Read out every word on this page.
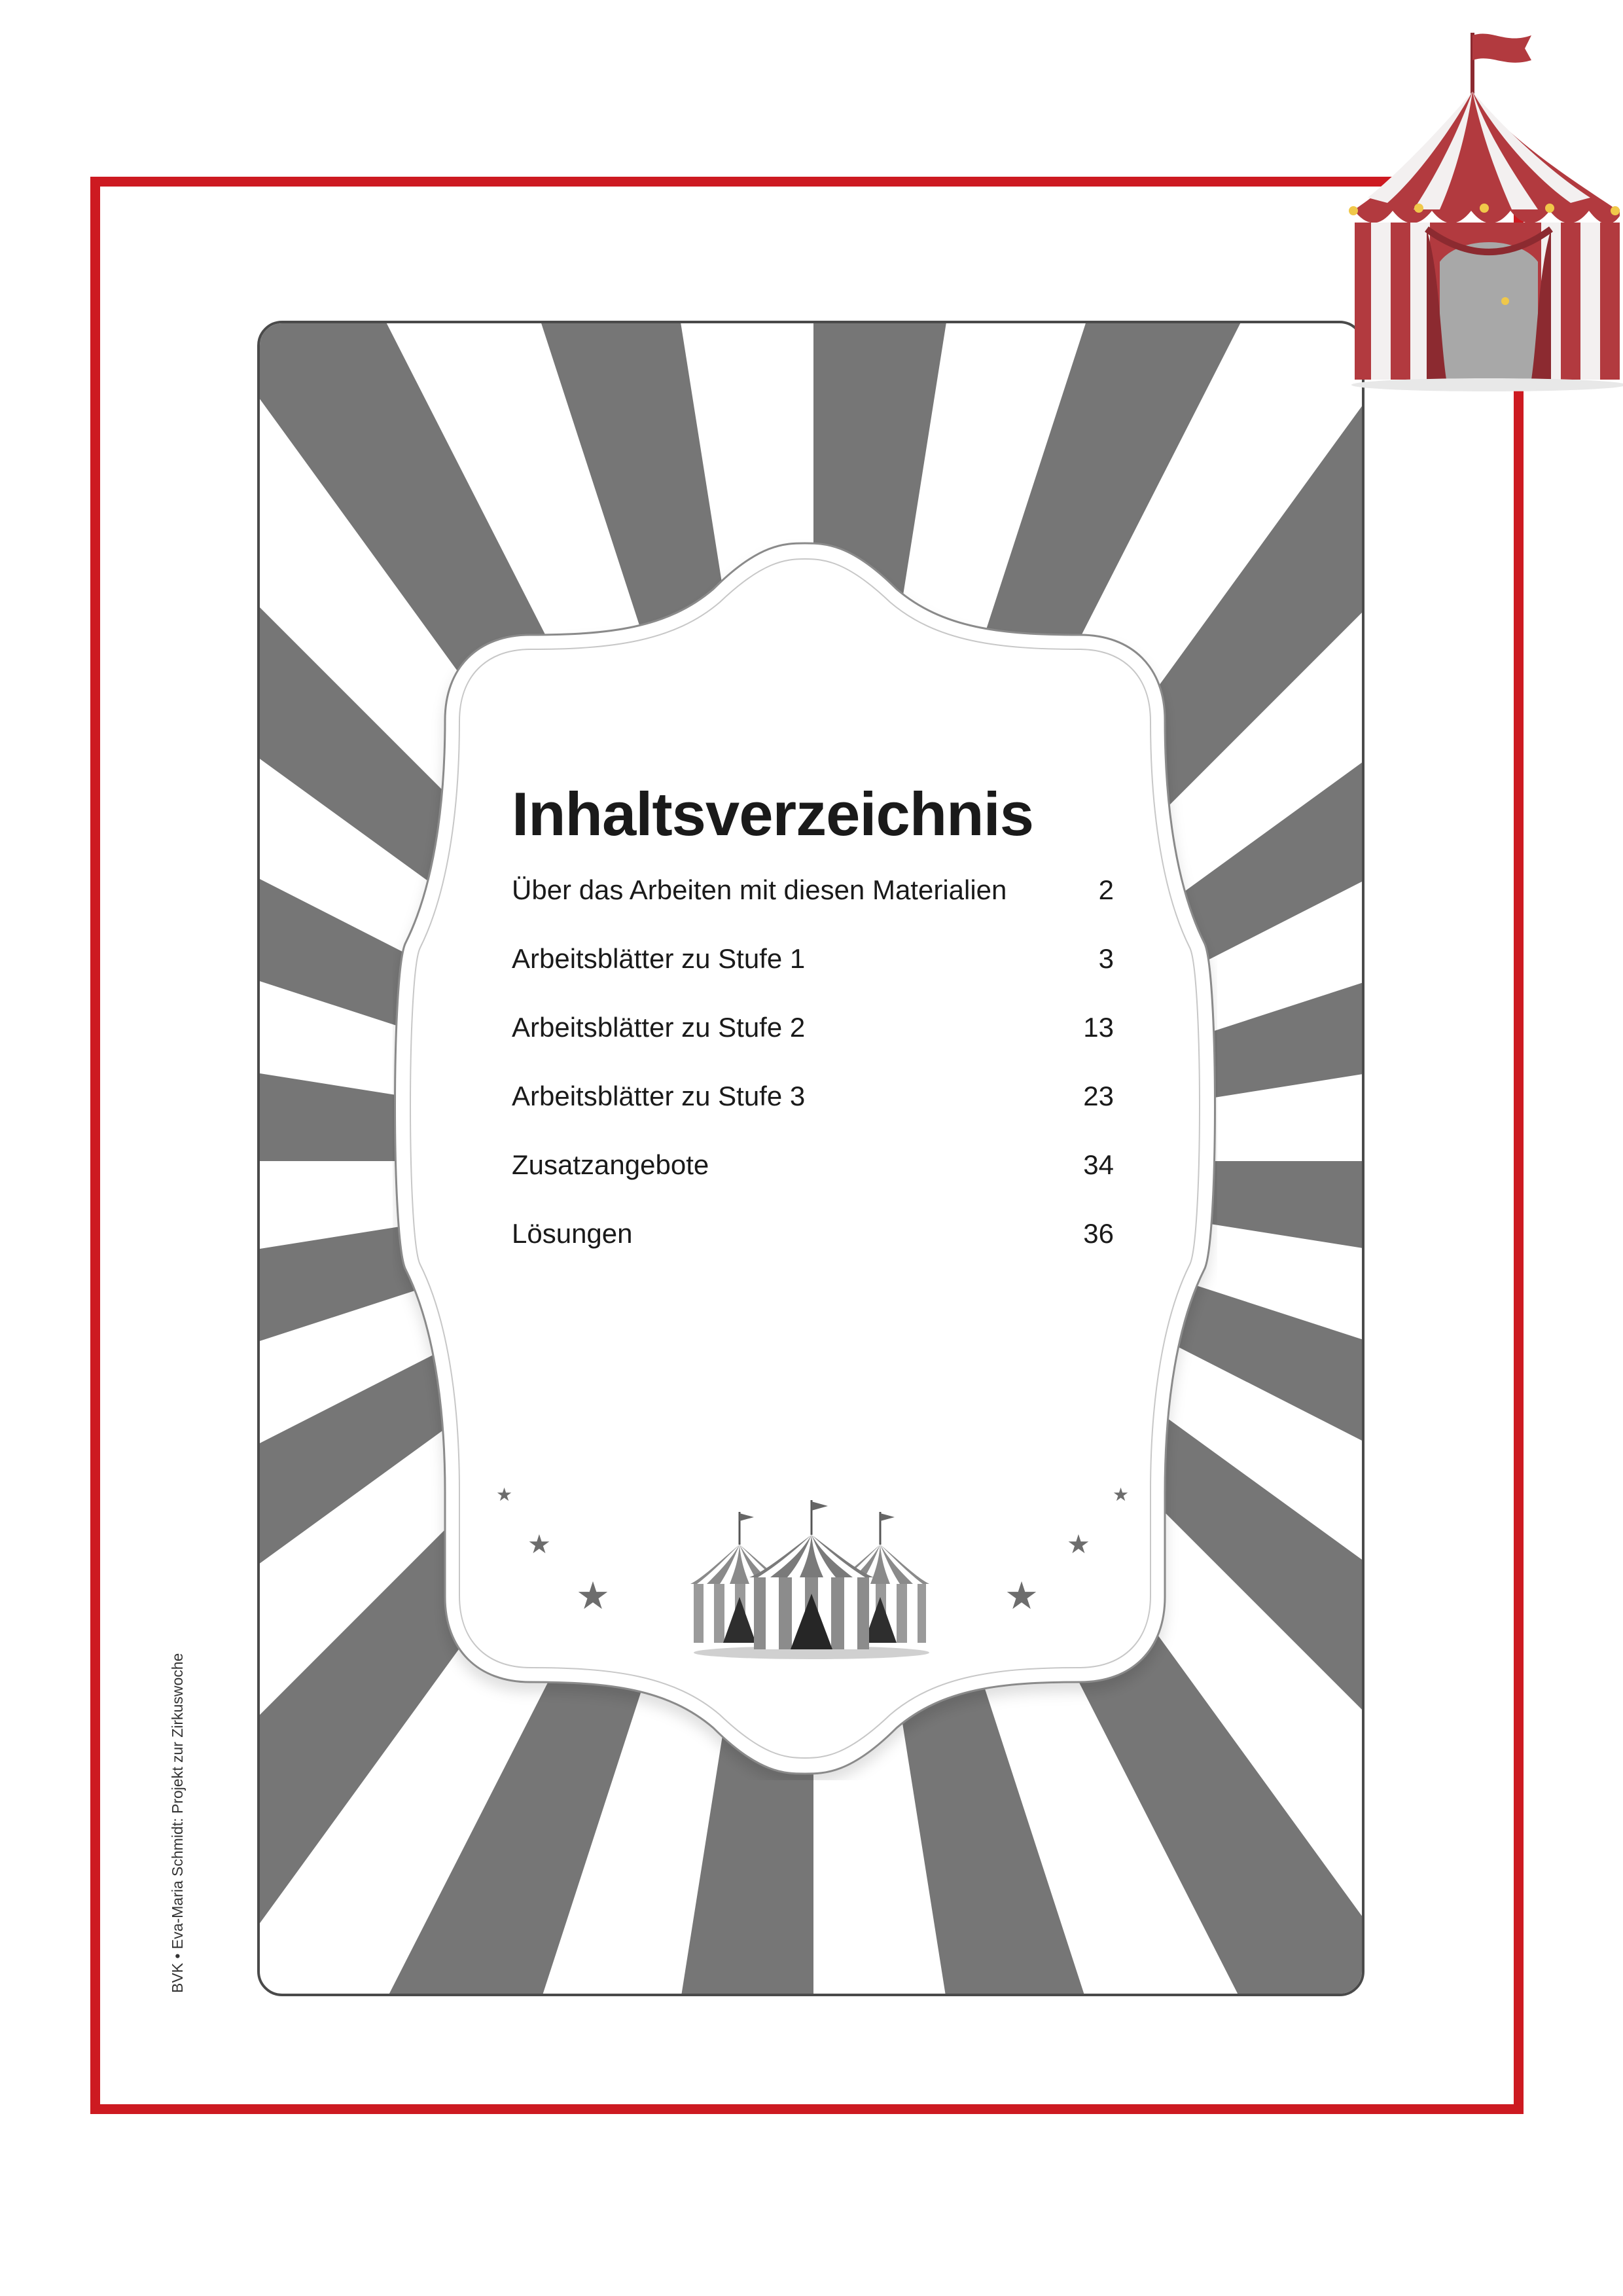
Inhaltsverzeichnis
Über das Arbeiten mit diesen Materialien	2
Arbeitsblätter zu Stufe 1	3
Arbeitsblätter zu Stufe 2	13
Arbeitsblätter zu Stufe 3	23
Zusatzangebote	34
Lösungen	36
★
★
★
★
★
★
BVK • Eva-Maria Schmidt: Projekt zur Zirkuswoche
